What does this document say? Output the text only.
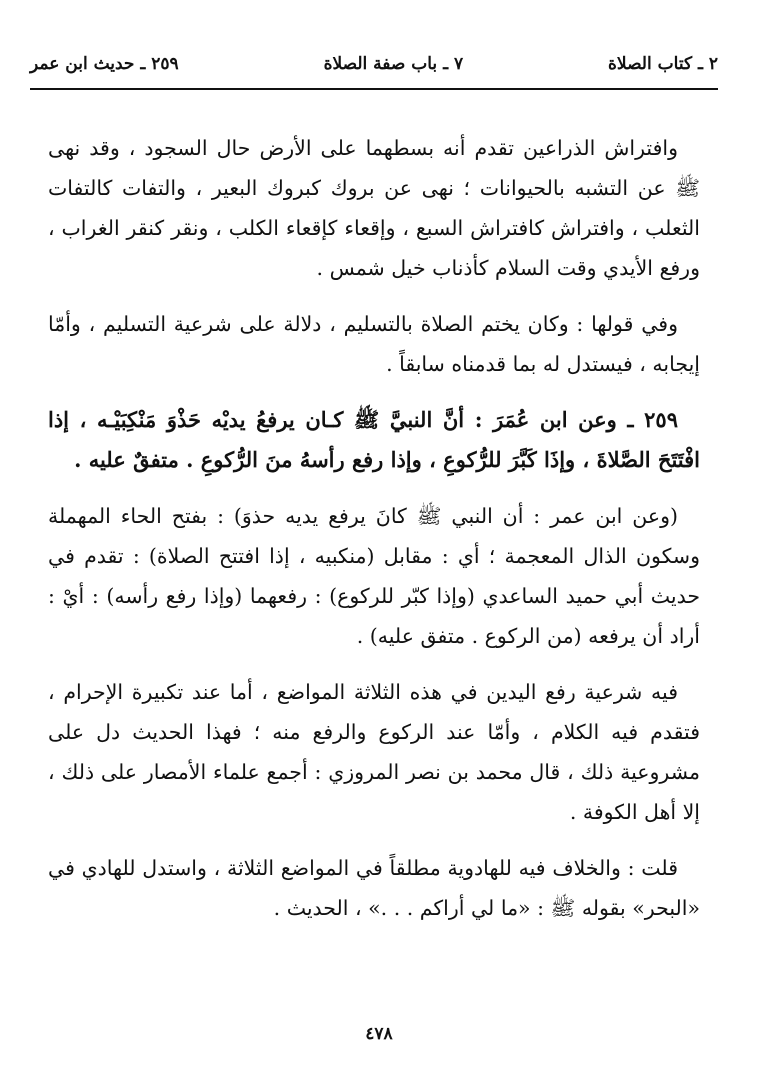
٢ ـ كتاب الصلاة
٧ ـ باب صفة الصلاة
٢٥٩ ـ حديث ابن عمر

وافتراش الذراعين تقدم أنه بسطهما على الأرض حال السجود ، وقد نهى ﷺ عن التشبه بالحيوانات ؛ نهى عن بروك كبروك البعير ، والتفات كالتفات الثعلب ، وافتراش كافتراش السبع ، وإقعاء كإقعاء الكلب ، ونقر كنقر الغراب ، ورفع الأيدي وقت السلام كأذناب خيل شمس .

وفي قولها : وكان يختم الصلاة بالتسليم ، دلالة على شرعية التسليم ، وأمّا إيجابه ، فيستدل له بما قدمناه سابقاً .

٢٥٩ ـ وعن ابن عُمَرَ : أنَّ النبيَّ ﷺ كـان يرفعُ يديْه حَذْوَ مَنْكِبَيْـه ، إذا افْتَتَحَ الصَّلاةَ ، وإذَا كَبَّرَ للرُّكوعِ ، وإذا رفع رأسهُ منَ الرُّكوعِ . متفقٌ عليه .

(وعن ابن عمر : أن النبي ﷺ كانَ يرفع يديه حذوَ) : بفتح الحاء المهملة وسكون الذال المعجمة ؛ أي : مقابل (منكبيه ، إذا افتتح الصلاة) : تقدم في حديث أبي حميد الساعدي (وإذا كبّر للركوع) : رفعهما (وإذا رفع رأسه) : أيْ : أراد أن يرفعه (من الركوع . متفق عليه) .

فيه شرعية رفع اليدين في هذه الثلاثة المواضع ، أما عند تكبيرة الإحرام ، فتقدم فيه الكلام ، وأمّا عند الركوع والرفع منه ؛ فهذا الحديث دل على مشروعية ذلك ، قال محمد بن نصر المروزي : أجمع علماء الأمصار على ذلك ، إلا أهل الكوفة .

قلت : والخلاف فيه للهادوية مطلقاً في المواضع الثلاثة ، واستدل للهادي في «البحر» بقوله ﷺ : «ما لي أراكم . . .» ، الحديث .

٤٧٨
